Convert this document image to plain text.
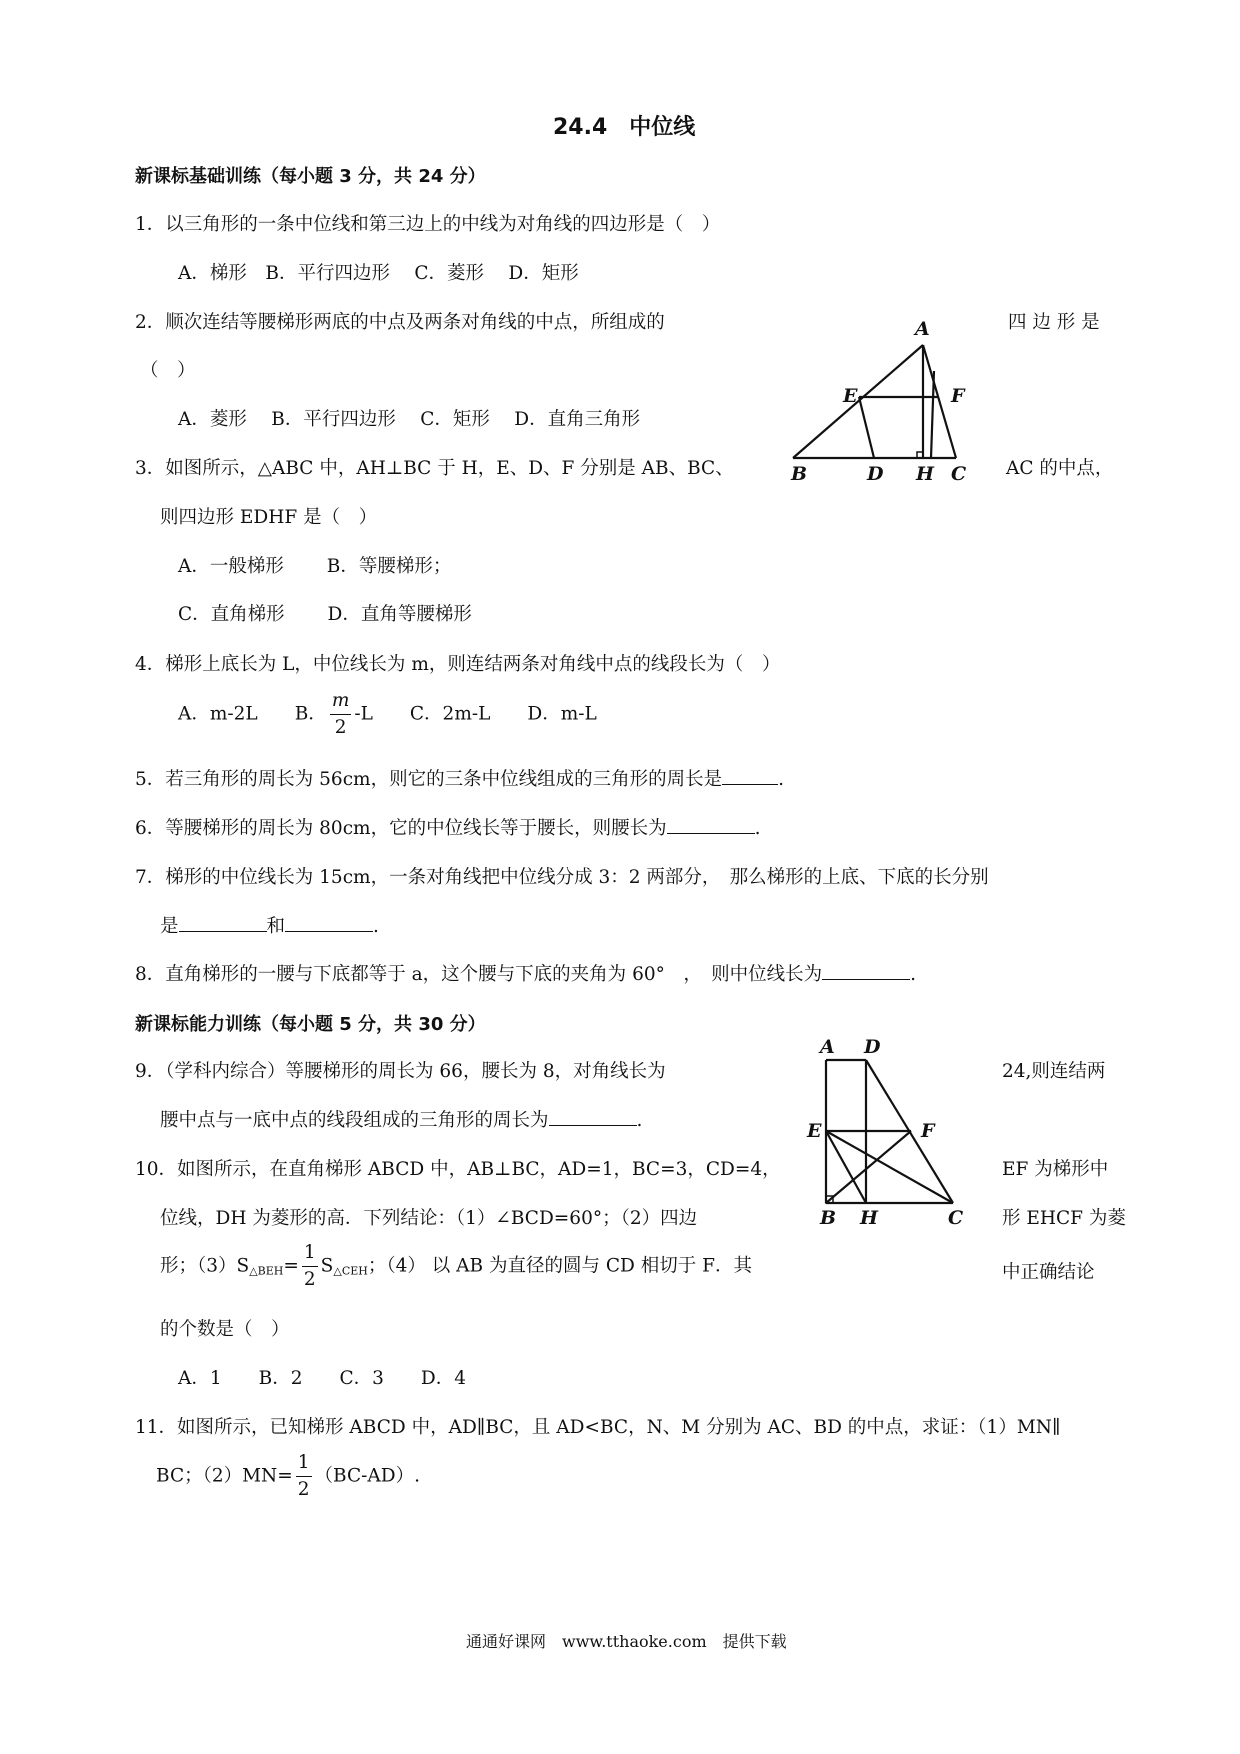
24.4　中位线
新课标基础训练（每小题 3 分，共 24 分）
1．以三角形的一条中位线和第三边上的中线为对角线的四边形是（　）
A．梯形　B．平行四边形　 C．菱形　 D．矩形
2．顺次连结等腰梯形两底的中点及两条对角线的中点，所组成的	四 边 形 是
（　）
A．菱形　 B．平行四边形　 C．矩形　 D．直角三角形
A
E	F
B	D H C
3．如图所示，△ABC 中，AH⊥BC 于 H，E、D、F 分别是 AB、BC、	AC 的中点，
则四边形 EDHF 是（　）
A．一般梯形　　 B．等腰梯形；
C．直角梯形　　 D．直角等腰梯形
4．梯形上底长为 L，中位线长为 m，则连结两条对角线中点的线段长为（　）
A．m-2L　　B． $\frac{m}{2} -L$　　C．2m-L　　D．m-L
5．若三角形的周长为 56cm，则它的三条中位线组成的三角形的周长是	.
6．等腰梯形的周长为 80cm，它的中位线长等于腰长，则腰长为	.
7．梯形的中位线长为 15cm，一条对角线把中位线分成 3：2 两部分，　那么梯形的上底、下底的长分别
是	和	.
8．直角梯形的一腰与下底都等于 a，这个腰与下底的夹角为 60°　，　则中位线长为	.
新课标能力训练（每小题 5 分，共 30 分）
A D
E	F
B H	C
9．（学科内综合）等腰梯形的周长为 66，腰长为 8，对角线长为	24,则连结两
腰中点与一底中点的线段组成的三角形的周长为	.
10．如图所示，在直角梯形 ABCD 中，AB⊥BC，AD=1，BC=3，CD=4，	EF 为梯形中
位线，DH 为菱形的高．下列结论：（1）∠BCD=60°；（2）四边	形 EHCF 为菱
形；$(3)S_{\triangle BEH}= \frac{1}{2} S_{\triangle CEH}$；（4） 以 AB 为直径的圆与 CD 相切于 F．其	中正确结论
的个数是（　）
A．1　　B．2　　C．3　　D．4
11．如图所示，已知梯形 ABCD 中，AD∥BC，且 AD<BC，N、M 分别为 AC、BD 的中点，求证：（1）MN∥
BC；$(2)MN= \frac{1}{2} (BC-AD)$.
通通好课网　www.tthaoke.com　提供下载
